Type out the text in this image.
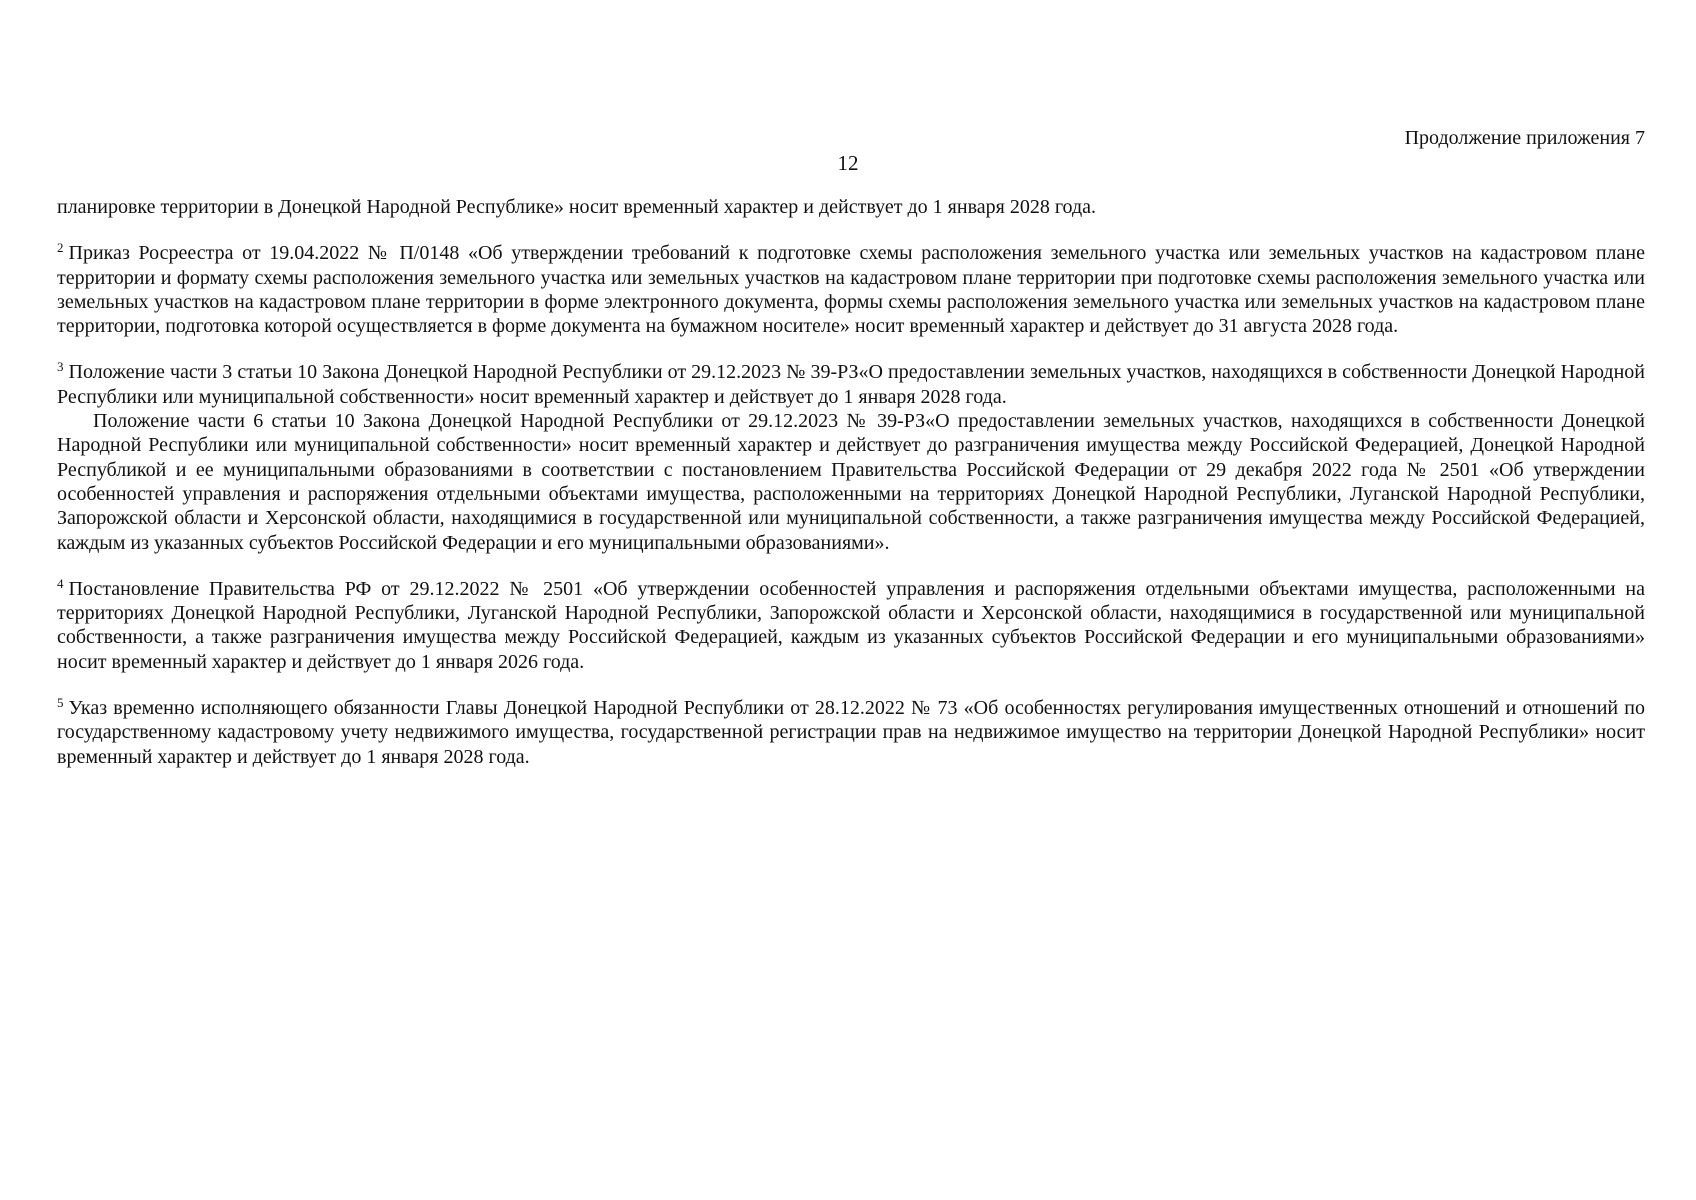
Продолжение приложения 7
12

планировке территории в Донецкой Народной Республике» носит временный характер и действует до 1 января 2028 года.

$^2$ Приказ Росреестра от 19.04.2022 № П/0148 «Об утверждении требований к подготовке схемы расположения земельного участка или земельных участков на кадастровом плане территории и формату схемы расположения земельного участка или земельных участков на кадастровом плане территории при подготовке схемы расположения земельного участка или земельных участков на кадастровом плане территории в форме электронного документа, формы схемы расположения земельного участка или земельных участков на кадастровом плане территории, подготовка которой осуществляется в форме документа на бумажном носителе» носит временный характер и действует до 31 августа 2028 года.

$^3$ Положение части 3 статьи 10 Закона Донецкой Народной Республики от 29.12.2023 № 39-РЗ«О предоставлении земельных участков, находящихся в собственности Донецкой Народной Республики или муниципальной собственности» носит временный характер и действует до 1 января 2028 года.

Положение части 6 статьи 10 Закона Донецкой Народной Республики от 29.12.2023 № 39-РЗ«О предоставлении земельных участков, находящихся в собственности Донецкой Народной Республики или муниципальной собственности» носит временный характер и действует до разграничения имущества между Российской Федерацией, Донецкой Народной Республикой и ее муниципальными образованиями в соответствии с постановлением Правительства Российской Федерации от 29 декабря 2022 года № 2501 «Об утверждении особенностей управления и распоряжения отдельными объектами имущества, расположенными на территориях Донецкой Народной Республики, Луганской Народной Республики, Запорожской области и Херсонской области, находящимися в государственной или муниципальной собственности, а также разграничения имущества между Российской Федерацией, каждым из указанных субъектов Российской Федерации и его муниципальными образованиями».

$^4$ Постановление Правительства РФ от 29.12.2022 № 2501 «Об утверждении особенностей управления и распоряжения отдельными объектами имущества, расположенными на территориях Донецкой Народной Республики, Луганской Народной Республики, Запорожской области и Херсонской области, находящимися в государственной или муниципальной собственности, а также разграничения имущества между Российской Федерацией, каждым из указанных субъектов Российской Федерации и его муниципальными образованиями» носит временный характер и действует до 1 января 2026 года.

$^5$ Указ временно исполняющего обязанности Главы Донецкой Народной Республики от 28.12.2022 № 73 «Об особенностях регулирования имущественных отношений и отношений по государственному кадастровому учету недвижимого имущества, государственной регистрации прав на недвижимое имущество на территории Донецкой Народной Республики» носит временный характер и действует до 1 января 2028 года.
